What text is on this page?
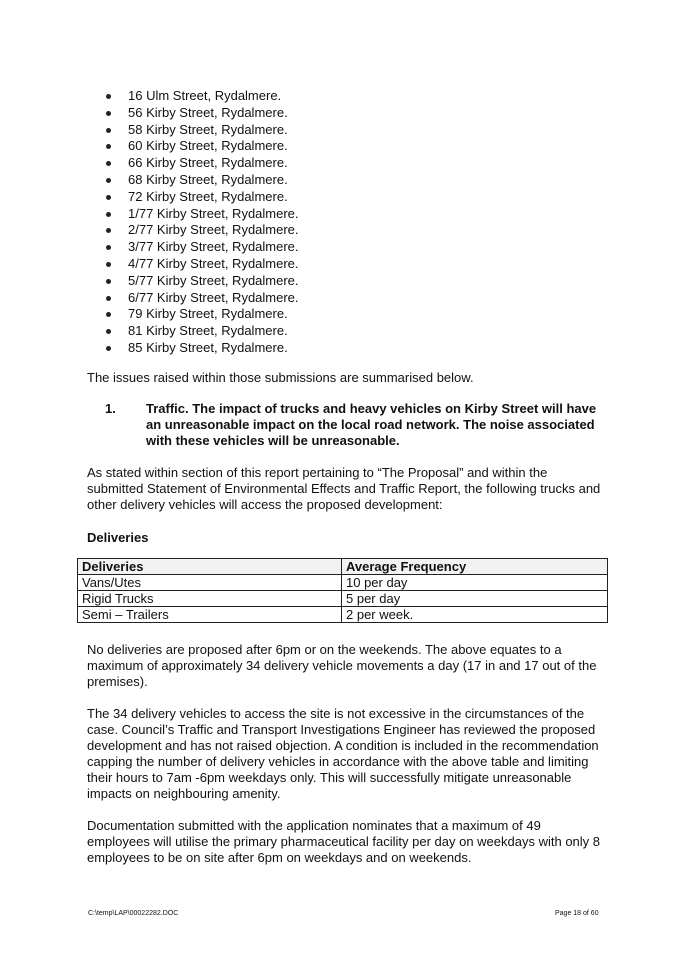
16 Ulm Street, Rydalmere.
56 Kirby Street, Rydalmere.
58 Kirby Street, Rydalmere.
60 Kirby Street, Rydalmere.
66 Kirby Street, Rydalmere.
68 Kirby Street, Rydalmere.
72 Kirby Street, Rydalmere.
1/77 Kirby Street, Rydalmere.
2/77 Kirby Street, Rydalmere.
3/77 Kirby Street, Rydalmere.
4/77 Kirby Street, Rydalmere.
5/77 Kirby Street, Rydalmere.
6/77 Kirby Street, Rydalmere.
79 Kirby Street, Rydalmere.
81 Kirby Street, Rydalmere.
85 Kirby Street, Rydalmere.

The issues raised within those submissions are summarised below.

1. Traffic. The impact of trucks and heavy vehicles on Kirby Street will have an unreasonable impact on the local road network. The noise associated with these vehicles will be unreasonable.

As stated within section of this report pertaining to “The Proposal” and within the submitted Statement of Environmental Effects and Traffic Report, the following trucks and other delivery vehicles will access the proposed development:

Deliveries
Deliveries	Average Frequency
Vans/Utes	10 per day
Rigid Trucks	5 per day
Semi – Trailers	2 per week.

No deliveries are proposed after 6pm or on the weekends. The above equates to a maximum of approximately 34 delivery vehicle movements a day (17 in and 17 out of the premises).

The 34 delivery vehicles to access the site is not excessive in the circumstances of the case. Council’s Traffic and Transport Investigations Engineer has reviewed the proposed development and has not raised objection. A condition is included in the recommendation capping the number of delivery vehicles in accordance with the above table and limiting their hours to 7am -6pm weekdays only. This will successfully mitigate unreasonable impacts on neighbouring amenity.

Documentation submitted with the application nominates that a maximum of 49 employees will utilise the primary pharmaceutical facility per day on weekdays with only 8 employees to be on site after 6pm on weekdays and on weekends.

C:\temp\LAP\00022282.DOC	Page 18 of 60
